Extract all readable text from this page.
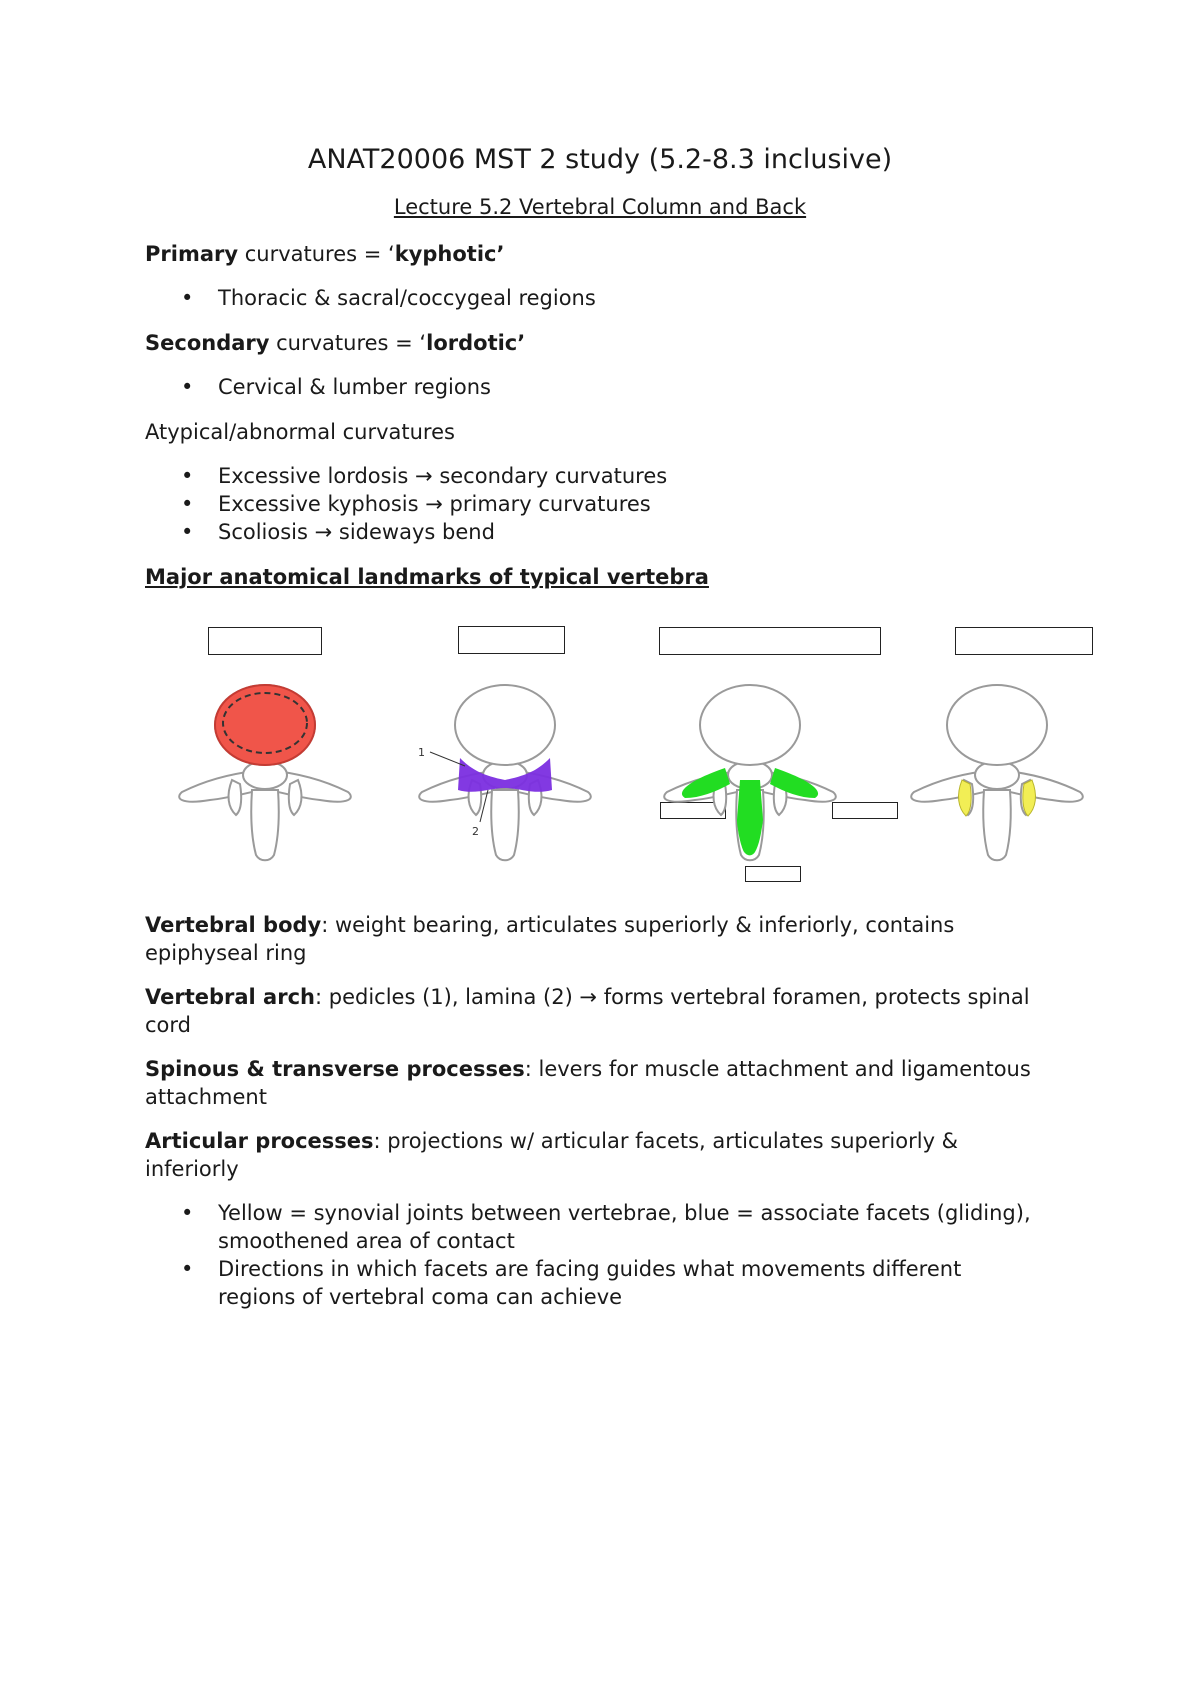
ANAT20006 MST 2 study (5.2-8.3 inclusive)
Lecture 5.2 Vertebral Column and Back
Primary curvatures = ‘kyphotic’
• Thoracic & sacral/coccygeal regions
Secondary curvatures = ‘lordotic’
• Cervical & lumber regions
Atypical/abnormal curvatures
• Excessive lordosis → secondary curvatures
• Excessive kyphosis → primary curvatures
• Scoliosis → sideways bend
Major anatomical landmarks of typical vertebra
1
2
Vertebral body: weight bearing, articulates superiorly & inferiorly, contains epiphyseal ring
Vertebral arch: pedicles (1), lamina (2) → forms vertebral foramen, protects spinal cord
Spinous & transverse processes: levers for muscle attachment and ligamentous attachment
Articular processes: projections w/ articular facets, articulates superiorly & inferiorly
• Yellow = synovial joints between vertebrae, blue = associate facets (gliding), smoothened area of contact
• Directions in which facets are facing guides what movements different regions of vertebral coma can achieve
